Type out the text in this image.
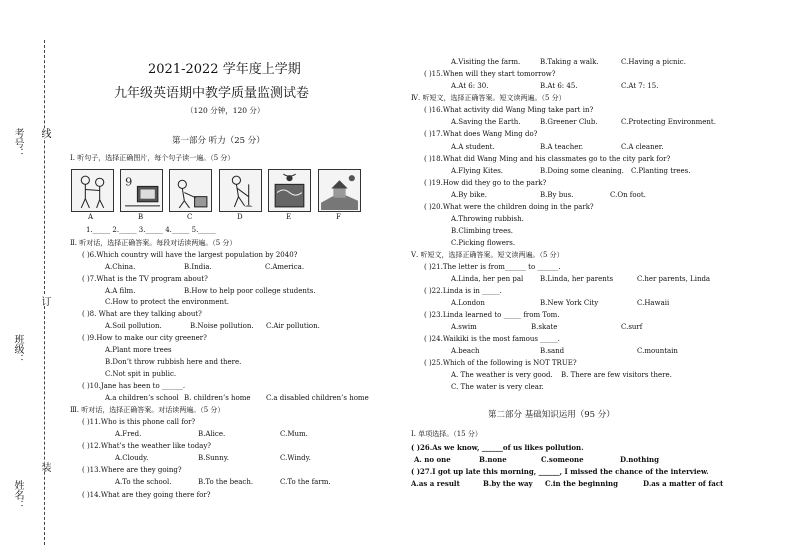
考号：
班级：
姓名：
线
订
装
2021-2022 学年度上学期
九年级英语期中教学质量监测试卷
（120 分钟，120 分）
第一部分 听力（25 分）
Ⅰ. 听句子，选择正确图片，每个句子读一遍。（5 分）
9
A	B	C	D	E	F
1._____ 2._____ 3._____ 4._____ 5._____
Ⅱ. 听对话，选择正确答案。每段对话读两遍。（5 分）
( )6.Which country will have the largest population by 2040?
A.China.	B.India.	C.America.
( )7.What is the TV program about?
A.A film.	B.How to help poor college students.
C.How to protect the environment.
( )8. What are they talking about?
A.Soil pollution.	B.Noise pollution. C.Air pollution.
( )9.How to make our city greener?
A.Plant more trees
B.Don’t throw rubbish here and there.
C.Not spit in public.
( )10.Jane has been to ______.
A.a children’s school B. children’s home C.a disabled children’s home
Ⅲ. 听对话，选择正确答案。对话读两遍。（5 分）
( )11.Who is this phone call for?
A.Fred.	B.Alice.	C.Mum.
( )12.What’s the weather like today?
A.Cloudy.	B.Sunny.	C.Windy.
( )13.Where are they going?
A.To the school.	B.To the beach.	C.To the farm.
( )14.What are they going there for?
A.Visiting the farm.	B.Taking a walk.	C.Having a picnic.
( )15.When will they start tomorrow?
A.At 6: 30.	B.At 6: 45.	C.At 7: 15.
Ⅳ. 听短文，选择正确答案。短文读两遍。（5 分）
( )16.What activity did Wang Ming take part in?
A.Saving the Earth.	B.Greener Club.	C.Protecting Environment.
( )17.What does Wang Ming do?
A.A student.	B.A teacher.	C.A cleaner.
( )18.What did Wang Ming and his classmates go to the city park for?
A.Flying Kites.	B.Doing some cleaning. C.Planting trees.
( )19.How did they go to the park?
A.By bike.	B.By bus.	C.On foot.
( )20.What were the children doing in the park?
A.Throwing rubbish.
B.Climbing trees.
C.Picking flowers.
Ⅴ. 听短文，选择正确答案。短文读两遍。（5 分）
( )21.The letter is from______ to ______.
A.Linda, her pen pal B.Linda, her parents	C.her parents, Linda
( )22.Linda is in _____.
A.London	B.New York City	C.Hawaii
( )23.Linda learned to _____ from Tom.
A.swim	B.skate	C.surf
( )24.Waikiki is the most famous _____.
A.beach	B.sand	C.mountain
( )25.Which of the following is NOT TRUE?
A. The weather is very good. B. There are few visitors there.
C. The water is very clear.
第二部分 基础知识运用（95 分）
Ⅰ. 单项选择。（15 分）
( )26.As we know, ______of us likes pollution.
A. no one	B.none	C.someone	D.nothing
( )27.I got up late this morning, ______, I missed the chance of the interview.
A.as a result	B.by the way C.in the beginning	D.as a matter of fact
